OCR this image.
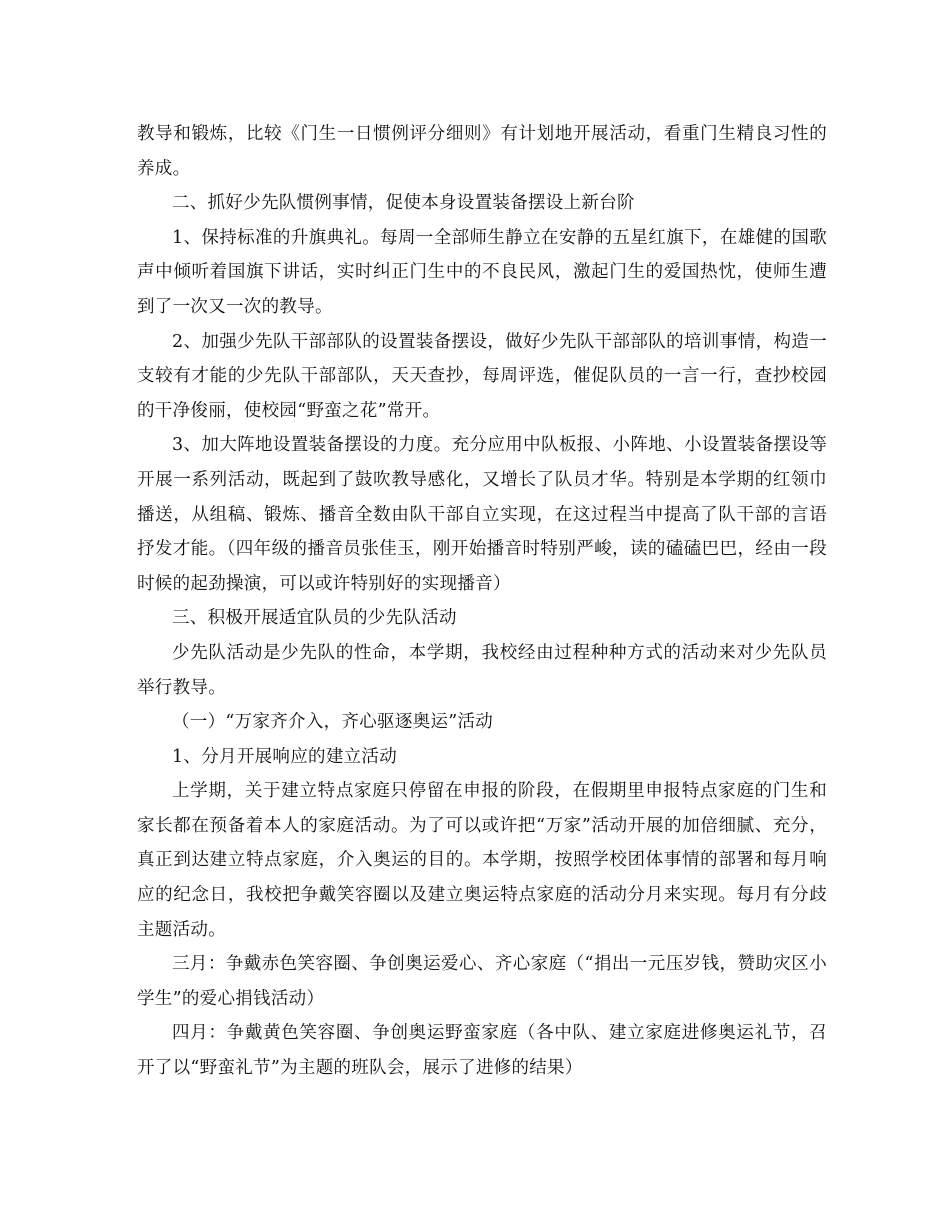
教导和锻炼，比较《门生一日惯例评分细则》有计划地开展活动，看重门生精良习性的养成。

二、抓好少先队惯例事情，促使本身设置装备摆设上新台阶

1、保持标准的升旗典礼。每周一全部师生静立在安静的五星红旗下，在雄健的国歌声中倾听着国旗下讲话，实时纠正门生中的不良民风，激起门生的爱国热忱，使师生遭到了一次又一次的教导。

2、加强少先队干部部队的设置装备摆设，做好少先队干部部队的培训事情，构造一支较有才能的少先队干部部队，天天查抄，每周评选，催促队员的一言一行，查抄校园的干净俊丽，使校园“野蛮之花”常开。

3、加大阵地设置装备摆设的力度。充分应用中队板报、小阵地、小设置装备摆设等开展一系列活动，既起到了鼓吹教导感化，又增长了队员才华。特别是本学期的红领巾播送，从组稿、锻炼、播音全数由队干部自立实现，在这过程当中提高了队干部的言语抒发才能。（四年级的播音员张佳玉，刚开始播音时特别严峻，读的磕磕巴巴，经由一段时候的起劲操演，可以或许特别好的实现播音）

三、积极开展适宜队员的少先队活动

少先队活动是少先队的性命，本学期，我校经由过程种种方式的活动来对少先队员举行教导。

（一）“万家齐介入，齐心驱逐奥运”活动

1、分月开展响应的建立活动

上学期，关于建立特点家庭只停留在申报的阶段，在假期里申报特点家庭的门生和家长都在预备着本人的家庭活动。为了可以或许把“万家”活动开展的加倍细腻、充分，真正到达建立特点家庭，介入奥运的目的。本学期，按照学校团体事情的部署和每月响应的纪念日，我校把争戴笑容圈以及建立奥运特点家庭的活动分月来实现。每月有分歧主题活动。

三月：争戴赤色笑容圈、争创奥运爱心、齐心家庭（“捐出一元压岁钱，赞助灾区小学生”的爱心捐钱活动）

四月：争戴黄色笑容圈、争创奥运野蛮家庭（各中队、建立家庭进修奥运礼节，召开了以“野蛮礼节”为主题的班队会，展示了进修的结果）
